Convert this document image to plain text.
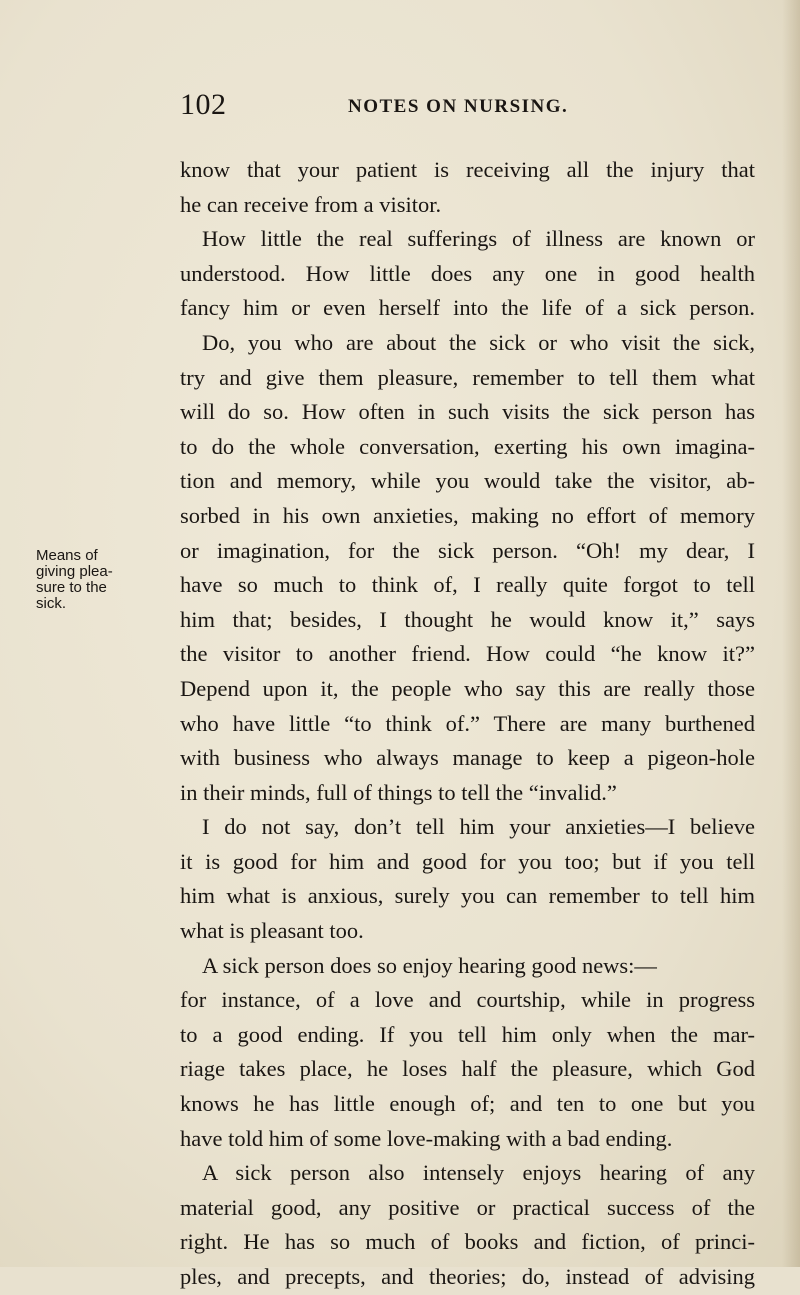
102	NOTES ON NURSING.
Means of
giving plea-
sure to the
sick.
know that your patient is receiving all the injury that
he can receive from a visitor.
How little the real sufferings of illness are known or
understood. How little does any one in good health
fancy him or even herself into the life of a sick person.
Do, you who are about the sick or who visit the sick,
try and give them pleasure, remember to tell them what
will do so. How often in such visits the sick person has
to do the whole conversation, exerting his own imagina-
tion and memory, while you would take the visitor, ab-
sorbed in his own anxieties, making no effort of memory
or imagination, for the sick person. “Oh! my dear, I
have so much to think of, I really quite forgot to tell
him that; besides, I thought he would know it,” says
the visitor to another friend. How could “he know it?”
Depend upon it, the people who say this are really those
who have little “to think of.” There are many burthened
with business who always manage to keep a pigeon-hole
in their minds, full of things to tell the “invalid.”
I do not say, don’t tell him your anxieties—I believe
it is good for him and good for you too; but if you tell
him what is anxious, surely you can remember to tell him
what is pleasant too.
A sick person does so enjoy hearing good news:—
for instance, of a love and courtship, while in progress
to a good ending. If you tell him only when the mar-
riage takes place, he loses half the pleasure, which God
knows he has little enough of; and ten to one but you
have told him of some love-making with a bad ending.
A sick person also intensely enjoys hearing of any
material good, any positive or practical success of the
right. He has so much of books and fiction, of princi-
ples, and precepts, and theories; do, instead of advising
